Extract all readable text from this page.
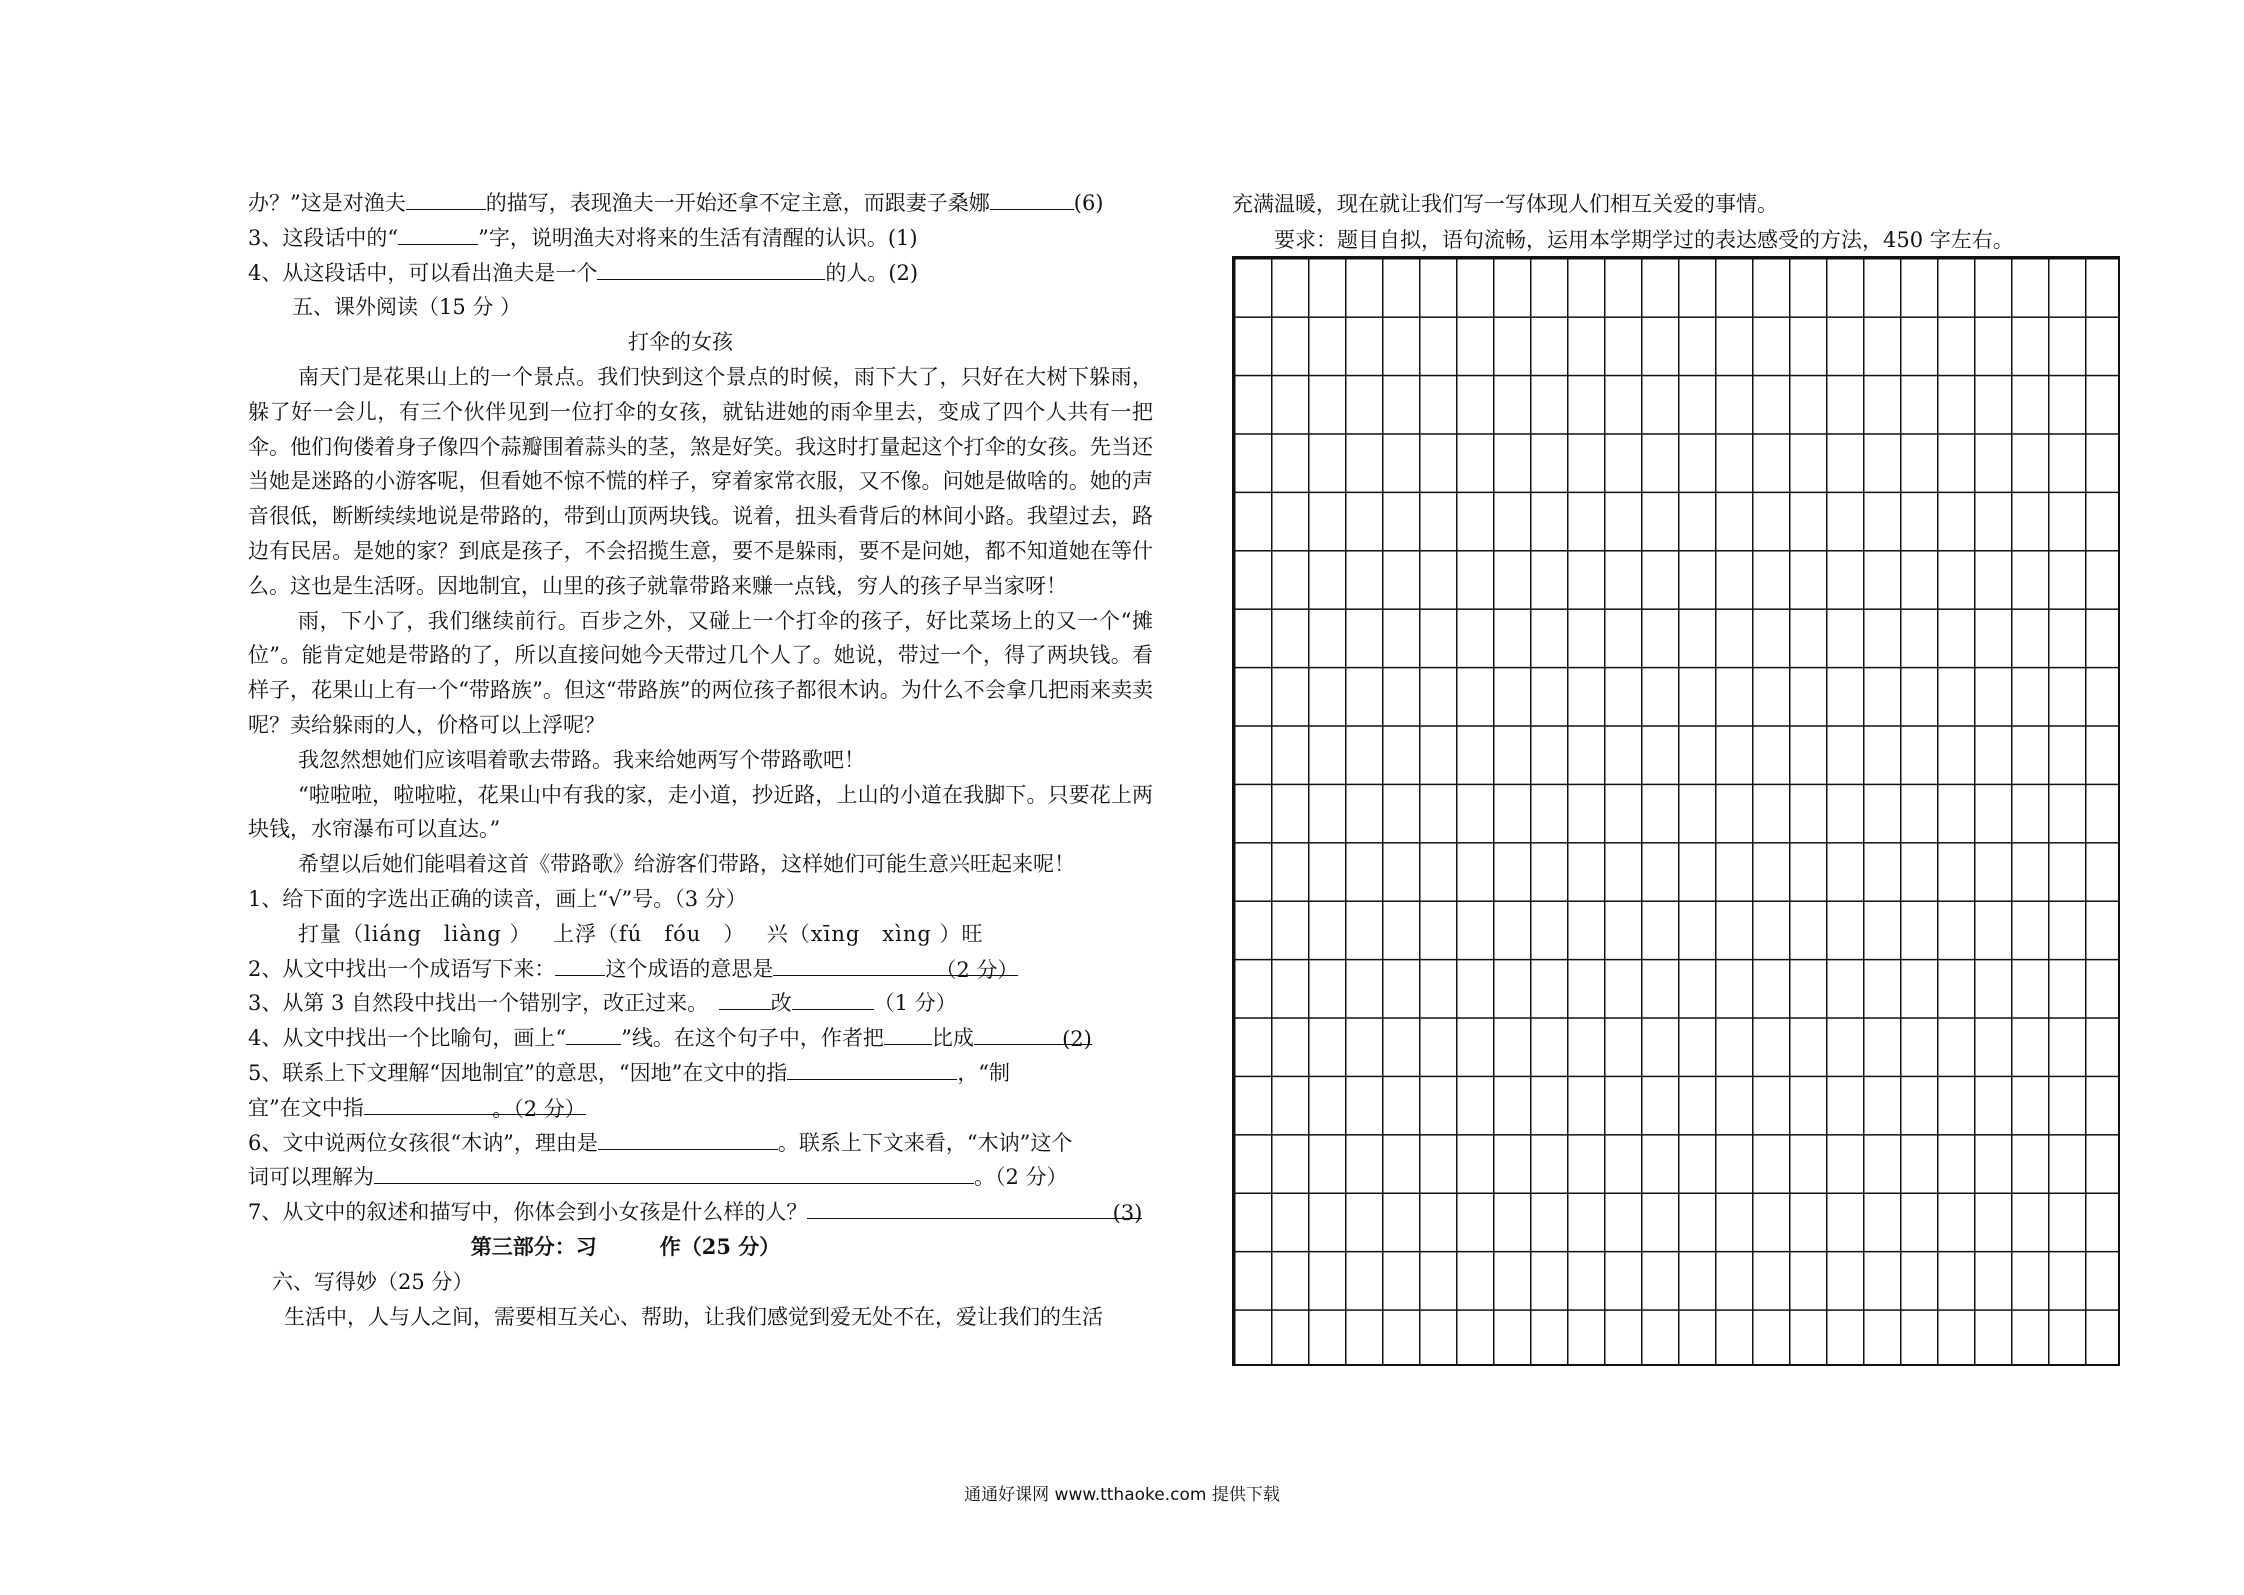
办？”这是对渔夫	的描写，表现渔夫一开始还拿不定主意，而跟妻子桑娜	(6)

3、这段话中的“	”字，说明渔夫对将来的生活有清醒的认识。(1)

4、从这段话中，可以看出渔夫是一个	的人。(2)

五、课外阅读（15 分 ）

打伞的女孩

南天门是花果山上的一个景点。我们快到这个景点的时候，雨下大了，只好在大树下躲雨，躲了好一会儿，有三个伙伴见到一位打伞的女孩，就钻进她的雨伞里去，变成了四个人共有一把伞。他们佝偻着身子像四个蒜瓣围着蒜头的茎，煞是好笑。我这时打量起这个打伞的女孩。先当还当她是迷路的小游客呢，但看她不惊不慌的样子，穿着家常衣服，又不像。问她是做啥的。她的声音很低，断断续续地说是带路的，带到山顶两块钱。说着，扭头看背后的林间小路。我望过去，路边有民居。是她的家？到底是孩子，不会招揽生意，要不是躲雨，要不是问她，都不知道她在等什么。这也是生活呀。因地制宜，山里的孩子就靠带路来赚一点钱，穷人的孩子早当家呀！

雨，下小了，我们继续前行。百步之外，又碰上一个打伞的孩子，好比菜场上的又一个“摊位”。能肯定她是带路的了，所以直接问她今天带过几个人了。她说，带过一个，得了两块钱。看样子，花果山上有一个“带路族”。但这“带路族”的两位孩子都很木讷。为什么不会拿几把雨来卖卖呢？卖给躲雨的人，价格可以上浮呢？

我忽然想她们应该唱着歌去带路。我来给她两写个带路歌吧！

“啦啦啦，啦啦啦，花果山中有我的家，走小道，抄近路，上山的小道在我脚下。只要花上两块钱，水帘瀑布可以直达。”

希望以后她们能唱着这首《带路歌》给游客们带路，这样她们可能生意兴旺起来呢！

1、给下面的字选出正确的读音，画上“√”号。（3 分）

打量（liáng　liàng ）　 上浮（fú　fóu　）　 兴（xīng　xìng ）旺

2、从文中找出一个成语写下来： 这个成语的意思是	（2 分）

3、从第 3 自然段中找出一个错别字，改正过来。　	改	（1 分）

4、从文中找出一个比喻句，画上“	”线。在这个句子中，作者把 比成	(2)

5、联系上下文理解“因地制宜”的意思，“因地”在文中的指	，“制

宜”在文中指	。（2 分）

6、文中说两位女孩很“木讷”，理由是	。联系上下文来看，“木讷”这个

词可以理解为	。（2 分）

7、从文中的叙述和描写中，你体会到小女孩是什么样的人？	(3)

第三部分：习　　　	作（25 分）

六、写得妙（25 分）

生活中，人与人之间，需要相互关心、帮助，让我们感觉到爱无处不在，爱让我们的生活

充满温暖，现在就让我们写一写体现人们相互关爱的事情。

要求：题目自拟，语句流畅，运用本学期学过的表达感受的方法，450 字左右。

通通好课网 www.tthaoke.com 提供下载
